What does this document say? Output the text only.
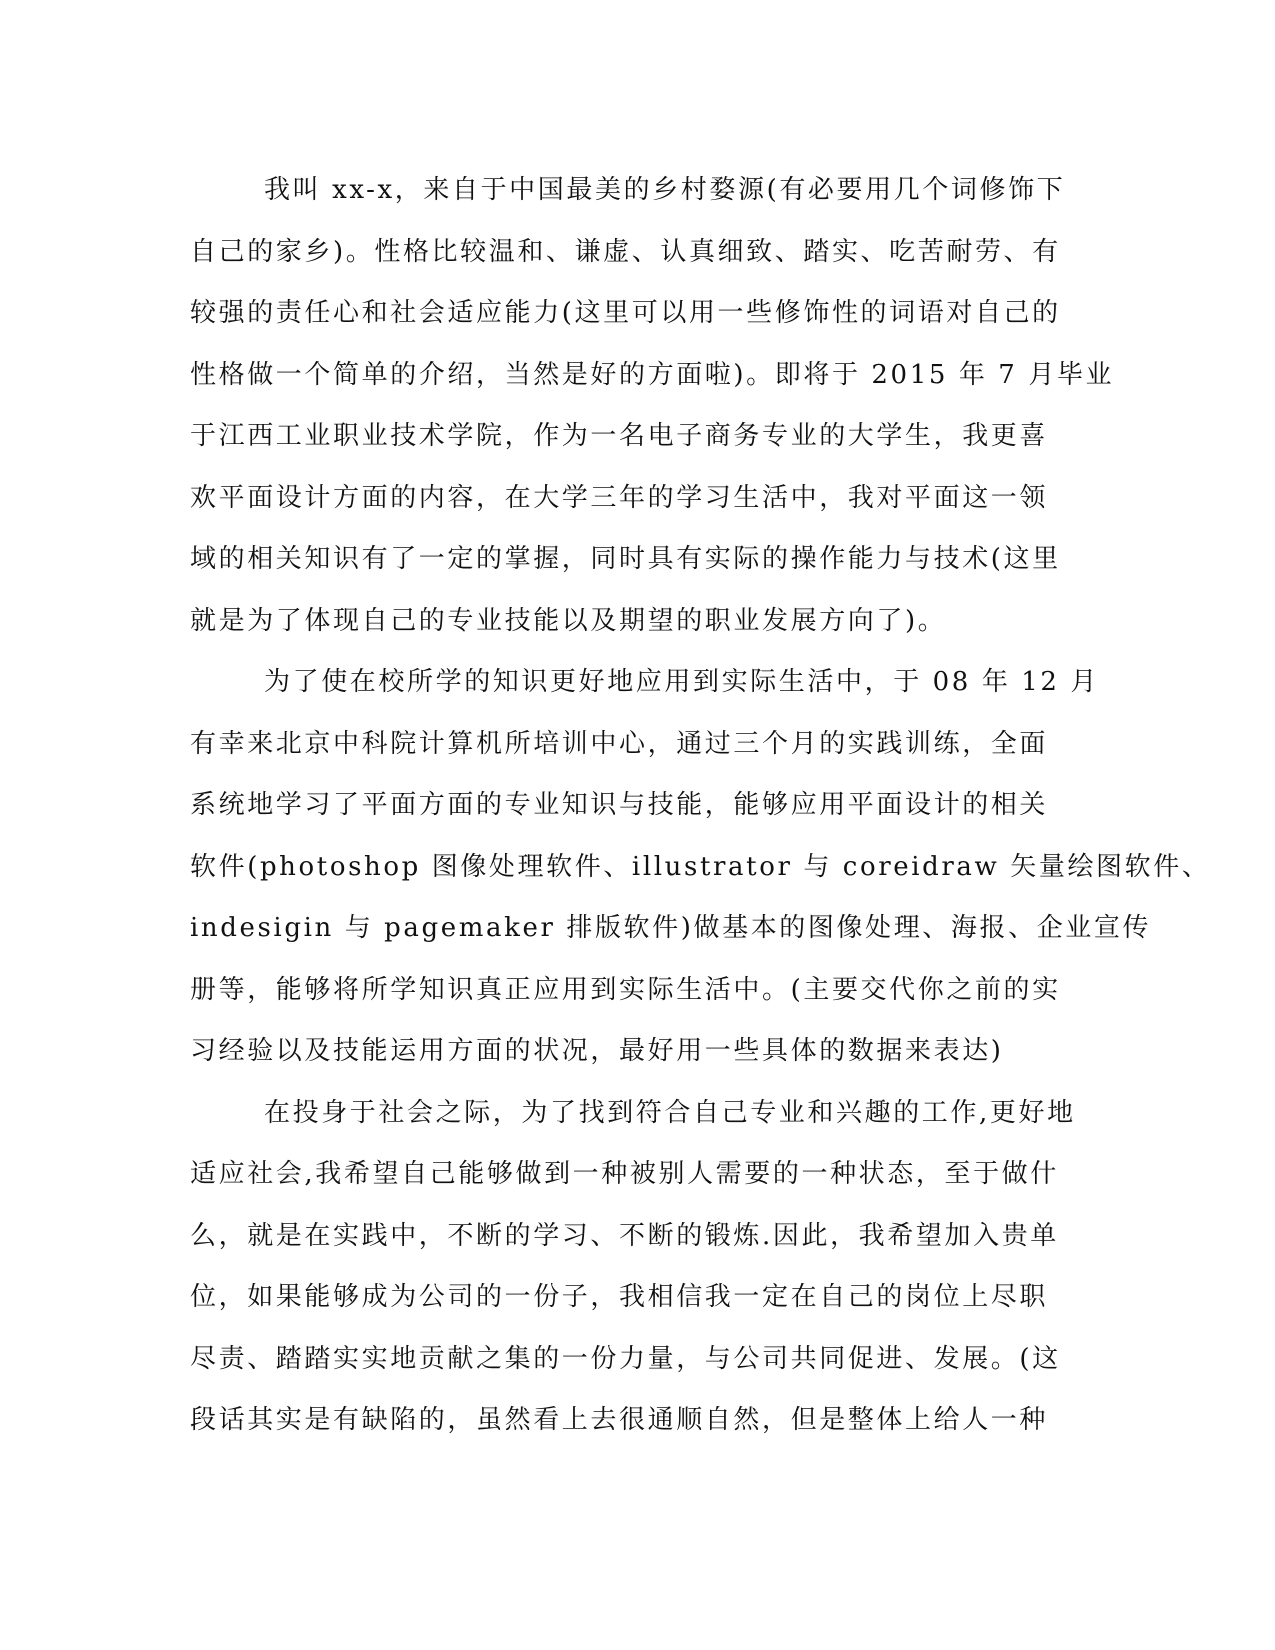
我叫 xx-x，来自于中国最美的乡村婺源(有必要用几个词修饰下
自己的家乡)。性格比较温和、谦虚、认真细致、踏实、吃苦耐劳、有
较强的责任心和社会适应能力(这里可以用一些修饰性的词语对自己的
性格做一个简单的介绍，当然是好的方面啦)。即将于 2015 年 7 月毕业
于江西工业职业技术学院，作为一名电子商务专业的大学生，我更喜
欢平面设计方面的内容，在大学三年的学习生活中，我对平面这一领
域的相关知识有了一定的掌握，同时具有实际的操作能力与技术(这里
就是为了体现自己的专业技能以及期望的职业发展方向了)。
为了使在校所学的知识更好地应用到实际生活中，于 08 年 12 月
有幸来北京中科院计算机所培训中心，通过三个月的实践训练，全面
系统地学习了平面方面的专业知识与技能，能够应用平面设计的相关
软件(photoshop 图像处理软件、illustrator 与 coreidraw 矢量绘图软件、
indesigin 与 pagemaker 排版软件)做基本的图像处理、海报、企业宣传
册等，能够将所学知识真正应用到实际生活中。(主要交代你之前的实
习经验以及技能运用方面的状况，最好用一些具体的数据来表达)
在投身于社会之际，为了找到符合自己专业和兴趣的工作,更好地
适应社会,我希望自己能够做到一种被别人需要的一种状态，至于做什
么，就是在实践中，不断的学习、不断的锻炼.因此，我希望加入贵单
位，如果能够成为公司的一份子，我相信我一定在自己的岗位上尽职
尽责、踏踏实实地贡献之集的一份力量，与公司共同促进、发展。(这
段话其实是有缺陷的，虽然看上去很通顺自然，但是整体上给人一种
